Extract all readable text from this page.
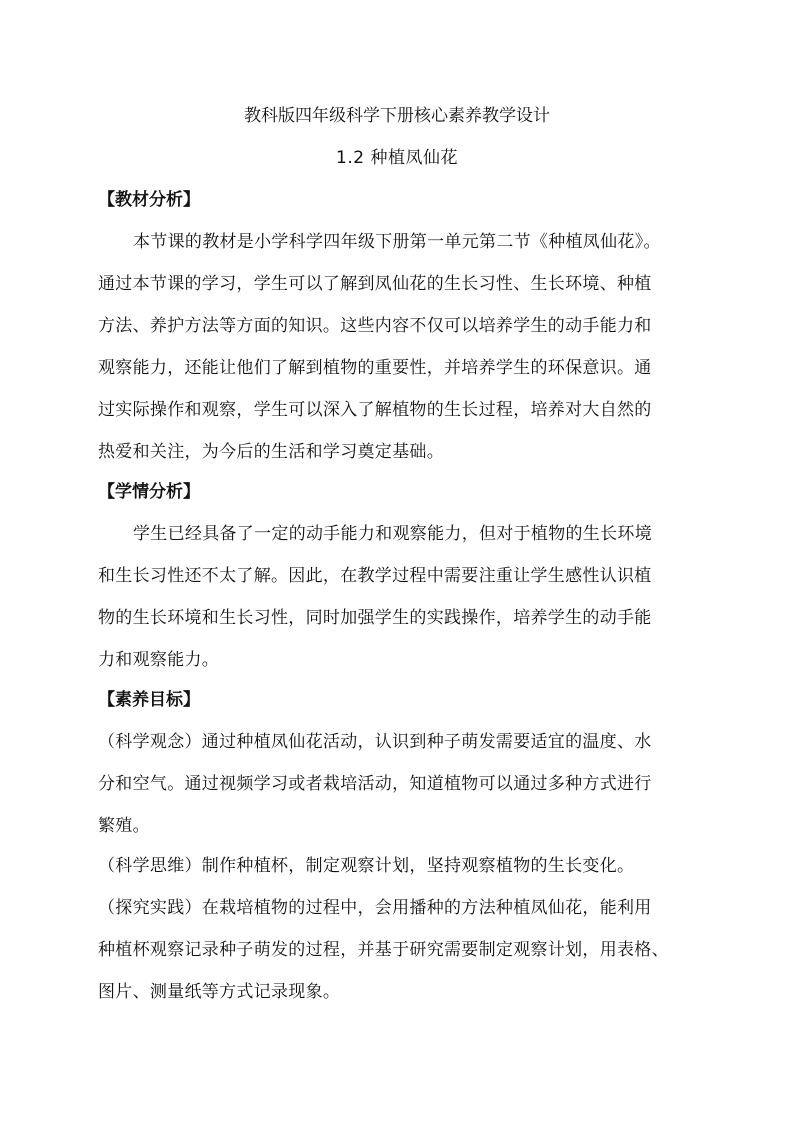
教科版四年级科学下册核心素养教学设计
1.2 种植凤仙花
【教材分析】
本节课的教材是小学科学四年级下册第一单元第二节《种植凤仙花》。
通过本节课的学习，学生可以了解到凤仙花的生长习性、生长环境、种植
方法、养护方法等方面的知识。这些内容不仅可以培养学生的动手能力和
观察能力，还能让他们了解到植物的重要性，并培养学生的环保意识。通
过实际操作和观察，学生可以深入了解植物的生长过程，培养对大自然的
热爱和关注，为今后的生活和学习奠定基础。
【学情分析】
学生已经具备了一定的动手能力和观察能力，但对于植物的生长环境
和生长习性还不太了解。因此，在教学过程中需要注重让学生感性认识植
物的生长环境和生长习性，同时加强学生的实践操作，培养学生的动手能
力和观察能力。
【素养目标】
（科学观念）通过种植凤仙花活动，认识到种子萌发需要适宜的温度、水
分和空气。通过视频学习或者栽培活动，知道植物可以通过多种方式进行
繁殖。
（科学思维）制作种植杯，制定观察计划，坚持观察植物的生长变化。
（探究实践）在栽培植物的过程中，会用播种的方法种植凤仙花，能利用
种植杯观察记录种子萌发的过程，并基于研究需要制定观察计划，用表格、
图片、测量纸等方式记录现象。
